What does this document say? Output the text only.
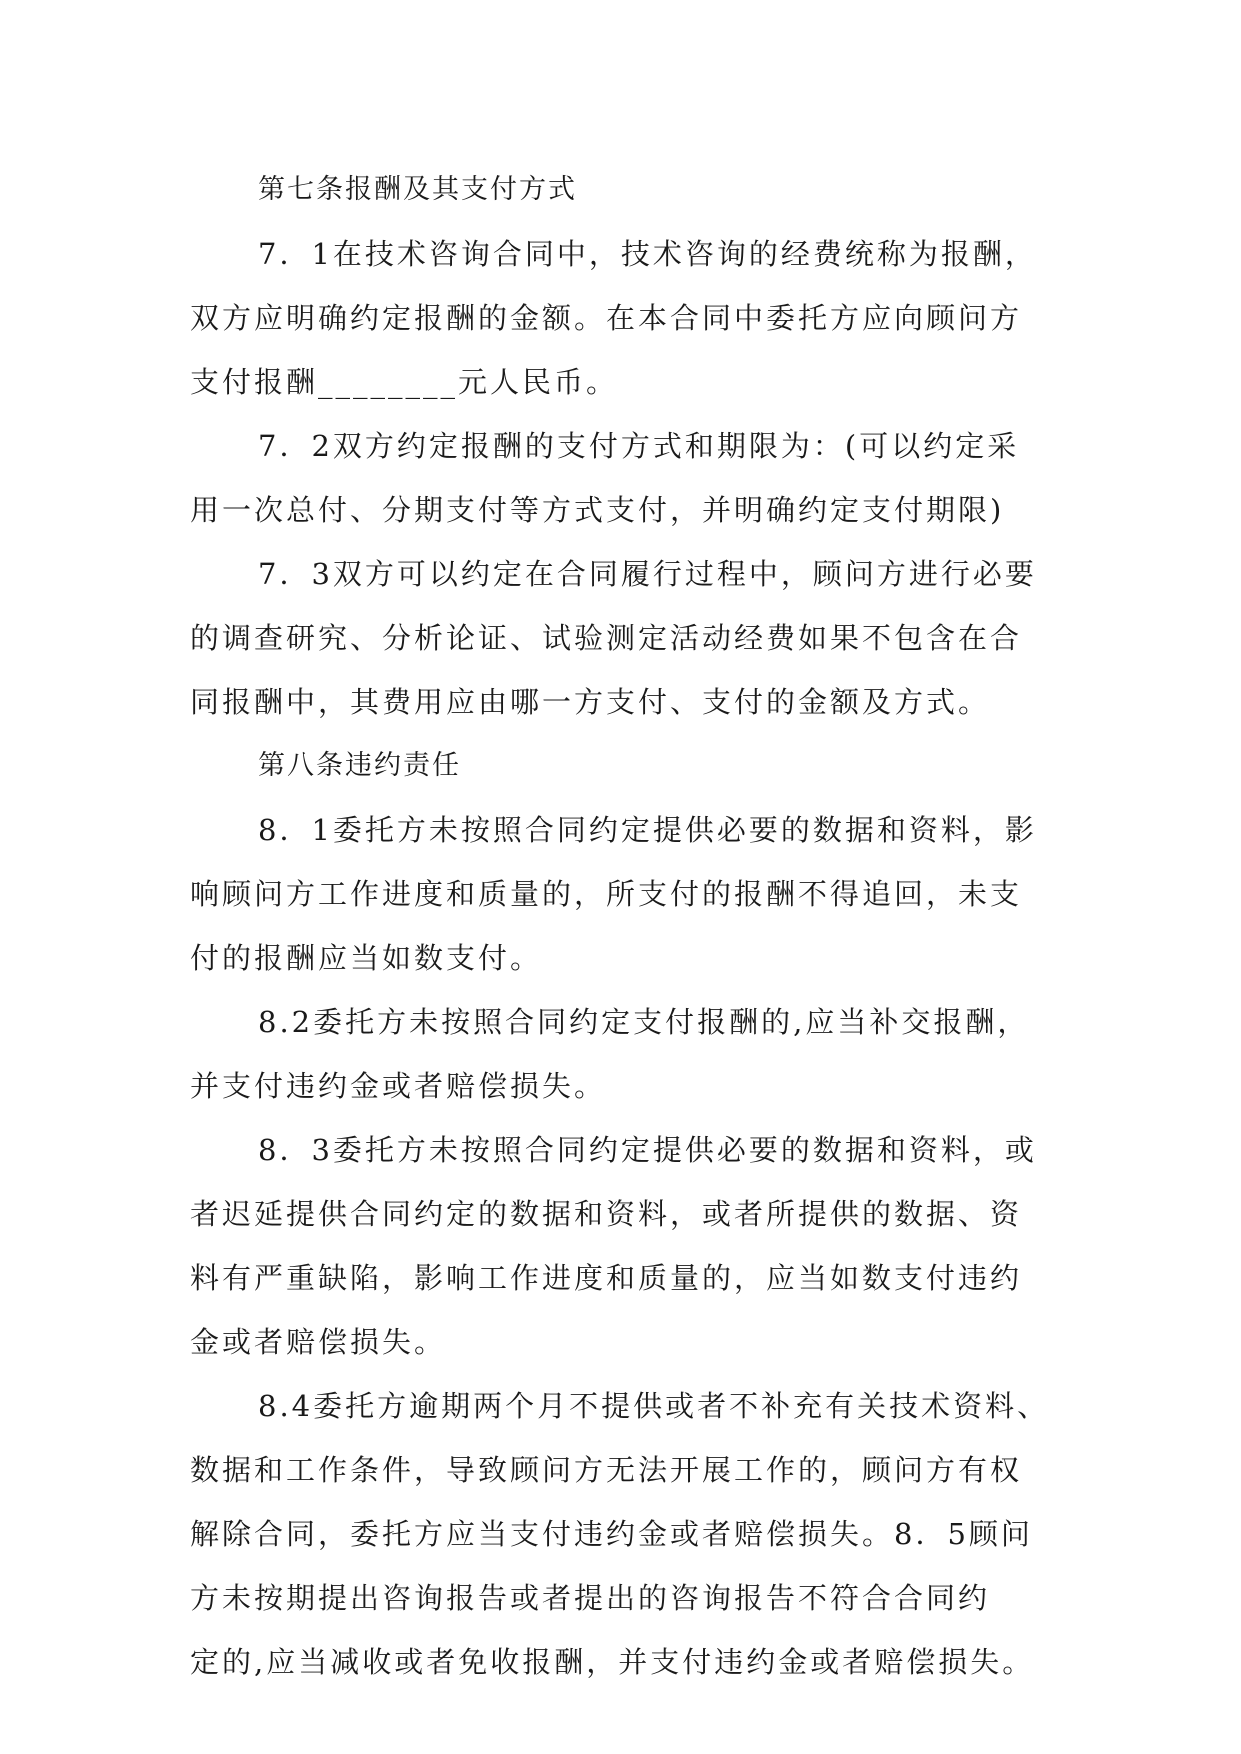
第七条报酬及其支付方式

7．1在技术咨询合同中，技术咨询的经费统称为报酬，

双方应明确约定报酬的金额。在本合同中委托方应向顾问方

支付报酬________元人民币。

7．2双方约定报酬的支付方式和期限为：(可以约定采

用一次总付、分期支付等方式支付，并明确约定支付期限)

7．3双方可以约定在合同履行过程中，顾问方进行必要

的调查研究、分析论证、试验测定活动经费如果不包含在合

同报酬中，其费用应由哪一方支付、支付的金额及方式。

第八条违约责任

8．1委托方未按照合同约定提供必要的数据和资料，影

响顾问方工作进度和质量的，所支付的报酬不得追回，未支

付的报酬应当如数支付。

8.2委托方未按照合同约定支付报酬的,应当补交报酬，

并支付违约金或者赔偿损失。

8．3委托方未按照合同约定提供必要的数据和资料，或

者迟延提供合同约定的数据和资料，或者所提供的数据、资

料有严重缺陷，影响工作进度和质量的，应当如数支付违约

金或者赔偿损失。

8.4委托方逾期两个月不提供或者不补充有关技术资料、

数据和工作条件，导致顾问方无法开展工作的，顾问方有权

解除合同，委托方应当支付违约金或者赔偿损失。8．5顾问

方未按期提出咨询报告或者提出的咨询报告不符合合同约

定的,应当减收或者免收报酬，并支付违约金或者赔偿损失。
